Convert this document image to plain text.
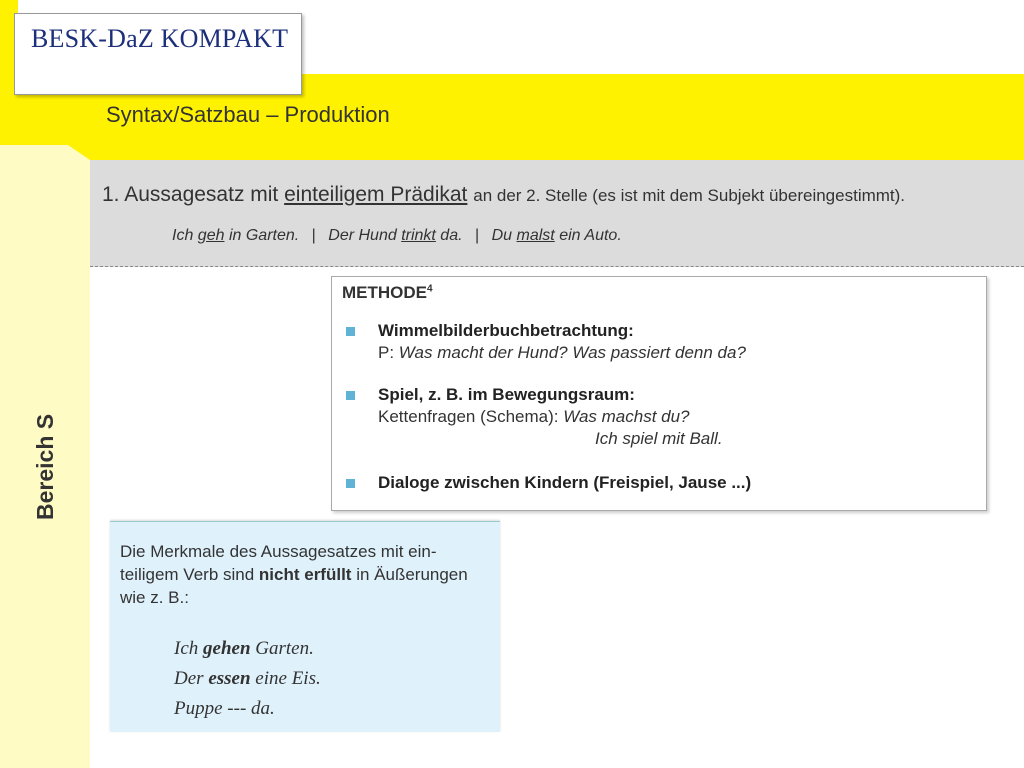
BESK-DaZ KOMPAKT
Syntax/Satzbau – Produktion
1. Aussagesatz mit einteiligem Prädikat an der 2. Stelle (es ist mit dem Subjekt übereingestimmt).
Ich geh in Garten. | Der Hund trinkt da. | Du malst ein Auto.
METHODE$^4$
Wimmelbilderbuchbetrachtung:
P: Was macht der Hund? Was passiert denn da?
Spiel, z. B. im Bewegungsraum:
Kettenfragen (Schema): Was machst du?
Ich spiel mit Ball.
Dialoge zwischen Kindern (Freispiel, Jause ...)
Bereich S
Die Merkmale des Aussagesatzes mit ein-teiligem Verb sind nicht erfüllt in Äußerungen wie z. B.:
Ich gehen Garten.
Der essen eine Eis.
Puppe --- da.
